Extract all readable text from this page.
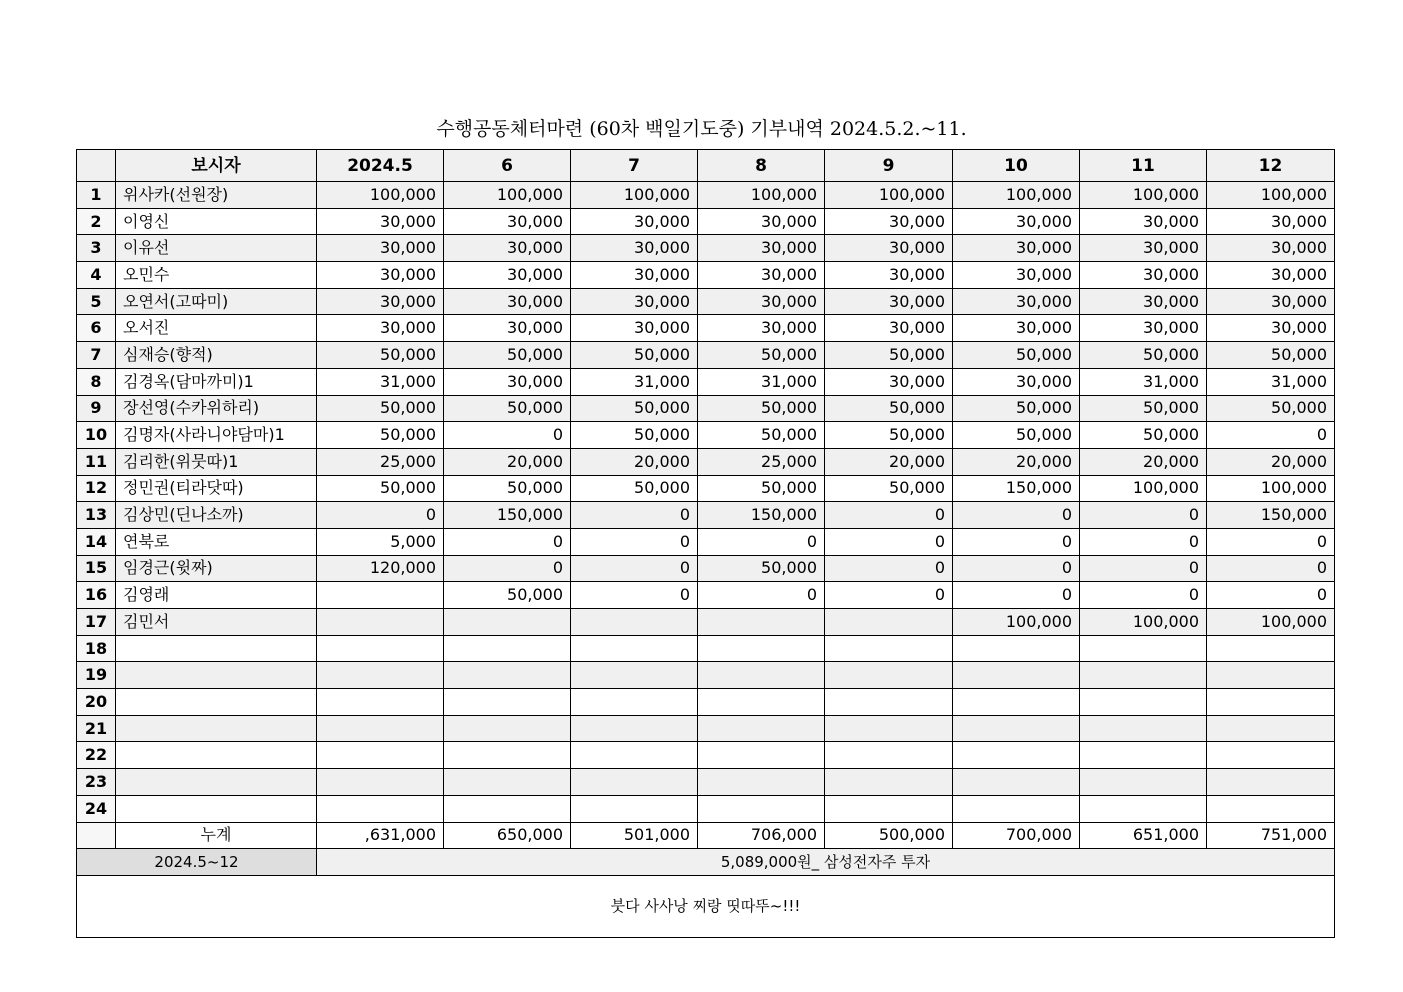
수행공동체터마련 (60차 백일기도중) 기부내역 2024.5.2.~11.
	보시자	2024.5	6	7	8	9	10	11	12
1	위사카(선원장)	100,000	100,000	100,000	100,000	100,000	100,000	100,000	100,000
2	이영신	30,000	30,000	30,000	30,000	30,000	30,000	30,000	30,000
3	이유선	30,000	30,000	30,000	30,000	30,000	30,000	30,000	30,000
4	오민수	30,000	30,000	30,000	30,000	30,000	30,000	30,000	30,000
5	오연서(고따미)	30,000	30,000	30,000	30,000	30,000	30,000	30,000	30,000
6	오서진	30,000	30,000	30,000	30,000	30,000	30,000	30,000	30,000
7	심재승(향적)	50,000	50,000	50,000	50,000	50,000	50,000	50,000	50,000
8	김경옥(담마까미)1	31,000	30,000	31,000	31,000	30,000	30,000	31,000	31,000
9	장선영(수카위하리)	50,000	50,000	50,000	50,000	50,000	50,000	50,000	50,000
10	김명자(사라니야담마)1	50,000	0	50,000	50,000	50,000	50,000	50,000	0
11	김리한(위뭇따)1	25,000	20,000	20,000	25,000	20,000	20,000	20,000	20,000
12	정민권(티라닷따)	50,000	50,000	50,000	50,000	50,000	150,000	100,000	100,000
13	김상민(딘나소까)	0	150,000	0	150,000	0	0	0	150,000
14	연북로	5,000	0	0	0	0	0	0	0
15	임경근(윗짜)	120,000	0	0	50,000	0	0	0	0
16	김영래		50,000	0	0	0	0	0	0
17	김민서						100,000	100,000	100,000
18									
19									
20									
21									
22									
23									
24									
	누계	,631,000	650,000	501,000	706,000	500,000	700,000	651,000	751,000
2024.5~12		5,089,000원_ 삼성전자주 투자							
붓다 사사낭 찌랑 띳따뚜~!!!									
